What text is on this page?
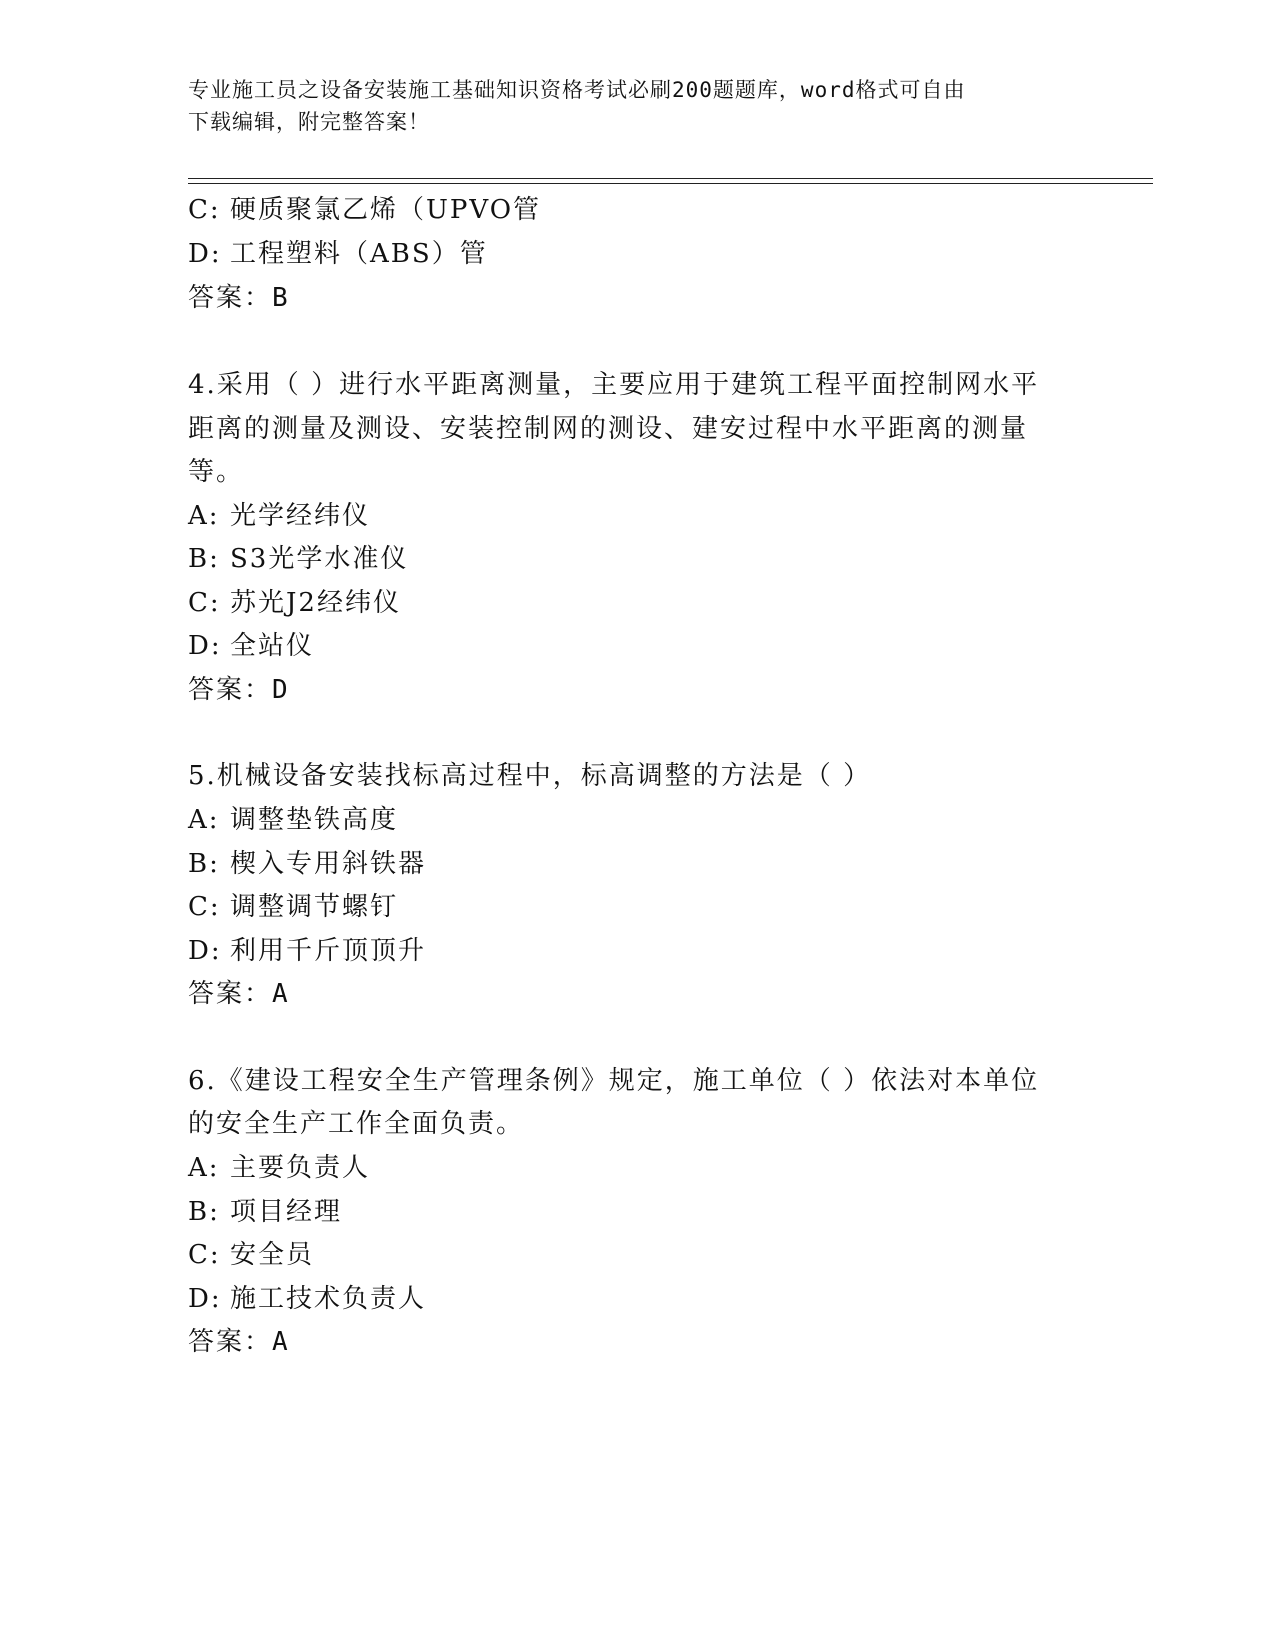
专业施工员之设备安装施工基础知识资格考试必刷200题题库，word格式可自由
下载编辑，附完整答案！
C: 硬质聚氯乙烯（UPVO管
D: 工程塑料（ABS）管
答案：B
4.采用（ ）进行水平距离测量，主要应用于建筑工程平面控制网水平
距离的测量及测设、安装控制网的测设、建安过程中水平距离的测量
等。
A: 光学经纬仪
B: S3光学水准仪
C: 苏光J2经纬仪
D: 全站仪
答案：D
5.机械设备安装找标高过程中，标高调整的方法是（ ）
A: 调整垫铁高度
B: 楔入专用斜铁器
C: 调整调节螺钉
D: 利用千斤顶顶升
答案：A
6.《建设工程安全生产管理条例》规定，施工单位（ ）依法对本单位
的安全生产工作全面负责。
A: 主要负责人
B: 项目经理
C: 安全员
D: 施工技术负责人
答案：A
